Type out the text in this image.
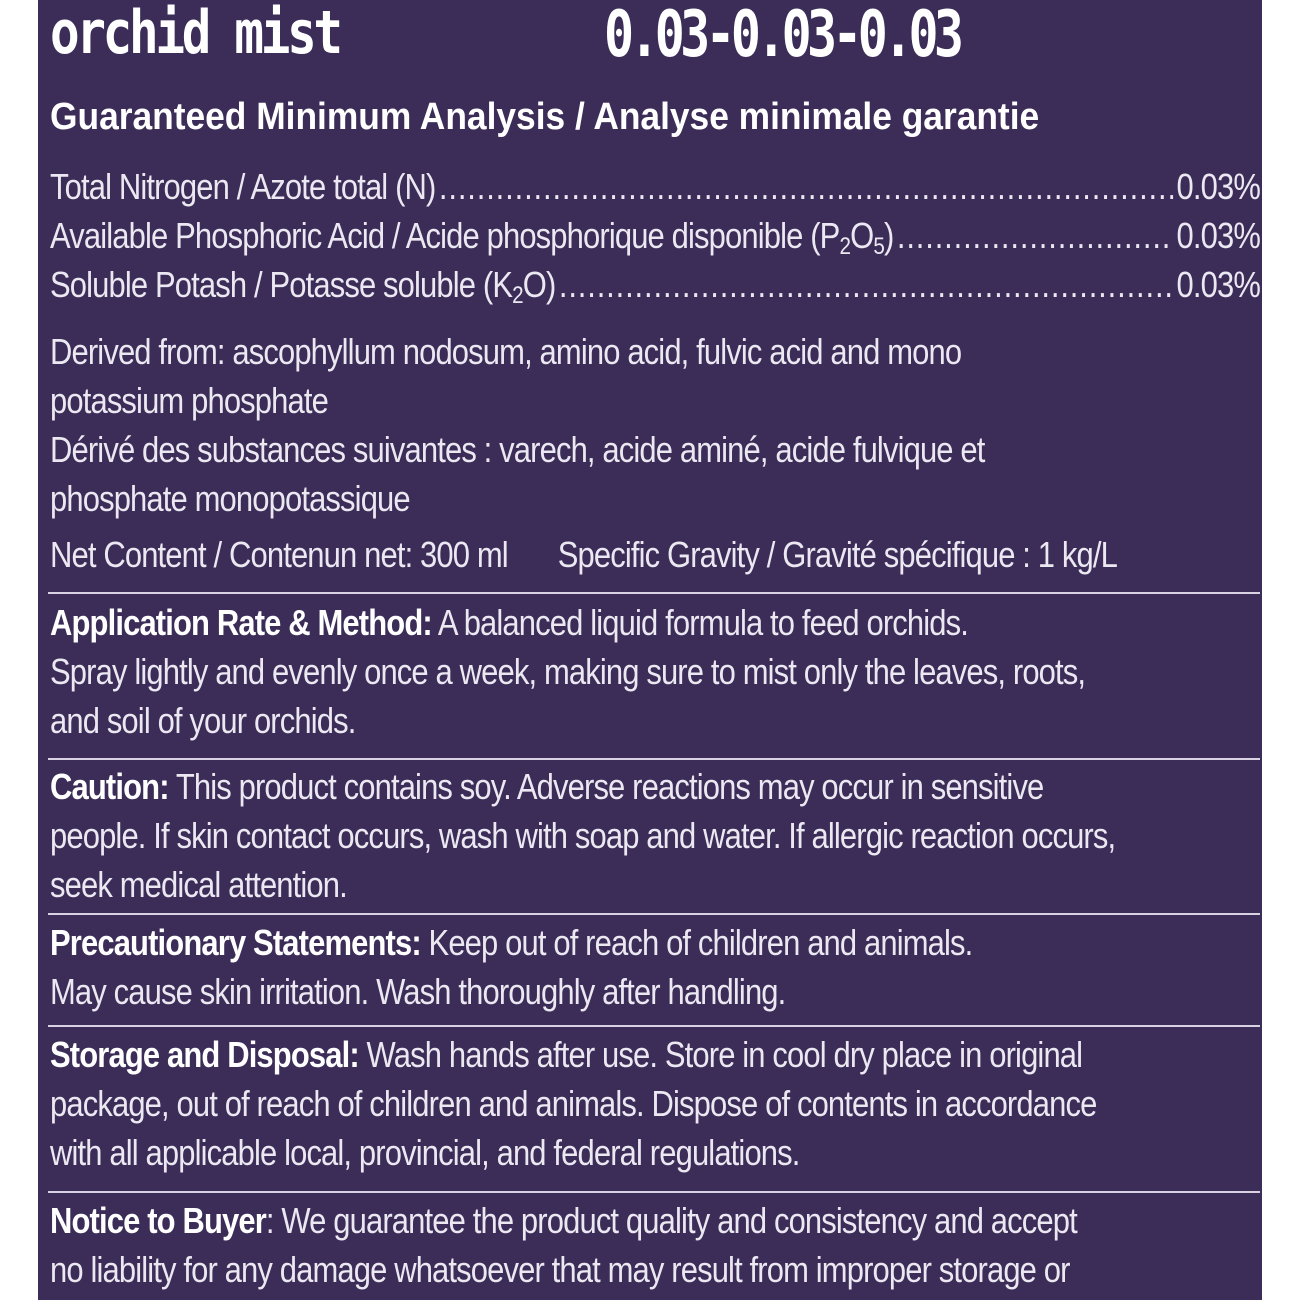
orchid mist	0.03-0.03-0.03
Guaranteed Minimum Analysis / Analyse minimale garantie
Total Nitrogen / Azote total (N) .....	0.03%
Available Phosphoric Acid / Acide phosphorique disponible $(P_2O_5)$ .....	0.03%
Soluble Potash / Potasse soluble $(K_2O)$ .....	0.03%
Derived from: ascophyllum nodosum, amino acid, fulvic acid and mono
potassium phosphate
Dérivé des substances suivantes : varech, acide aminé, acide fulvique et
phosphate monopotassique
Net Content / Contenun net: 300 ml Specific Gravity / Gravité spécifique : 1 kg/L
Application Rate & Method: A balanced liquid formula to feed orchids.
Spray lightly and evenly once a week, making sure to mist only the leaves, roots,
and soil of your orchids.
Caution: This product contains soy. Adverse reactions may occur in sensitive
people. If skin contact occurs, wash with soap and water. If allergic reaction occurs,
seek medical attention.
Precautionary Statements: Keep out of reach of children and animals.
May cause skin irritation. Wash thoroughly after handling.
Storage and Disposal: Wash hands after use. Store in cool dry place in original
package, out of reach of children and animals. Dispose of contents in accordance
with all applicable local, provincial, and federal regulations.
Notice to Buyer: We guarantee the product quality and consistency and accept
no liability for any damage whatsoever that may result from improper storage or
